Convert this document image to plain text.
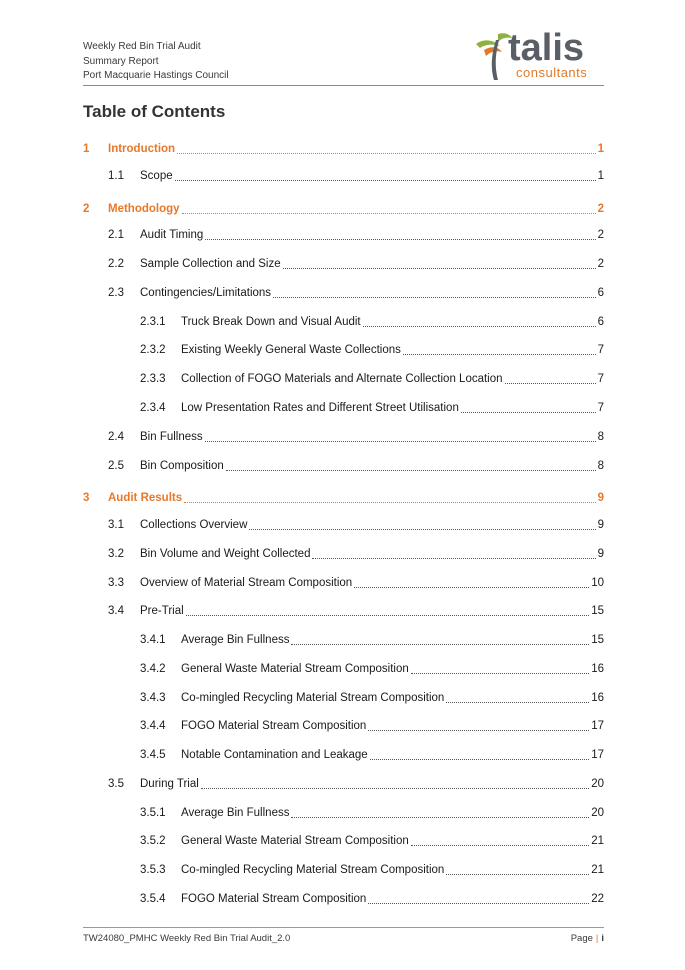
Weekly Red Bin Trial Audit
Summary Report
Port Macquarie Hastings Council
talis
consultants
Table of Contents
1	Introduction	1
1.1	Scope	1
2	Methodology	2
2.1	Audit Timing	2
2.2	Sample Collection and Size	2
2.3	Contingencies/Limitations	6
2.3.1	Truck Break Down and Visual Audit	6
2.3.2	Existing Weekly General Waste Collections	7
2.3.3	Collection of FOGO Materials and Alternate Collection Location	7
2.3.4	Low Presentation Rates and Different Street Utilisation	7
2.4	Bin Fullness	8
2.5	Bin Composition	8
3	Audit Results	9
3.1	Collections Overview	9
3.2	Bin Volume and Weight Collected	9
3.3	Overview of Material Stream Composition	10
3.4	Pre-Trial	15
3.4.1	Average Bin Fullness	15
3.4.2	General Waste Material Stream Composition	16
3.4.3	Co-mingled Recycling Material Stream Composition	16
3.4.4	FOGO Material Stream Composition	17
3.4.5	Notable Contamination and Leakage	17
3.5	During Trial	20
3.5.1	Average Bin Fullness	20
3.5.2	General Waste Material Stream Composition	21
3.5.3	Co-mingled Recycling Material Stream Composition	21
3.5.4	FOGO Material Stream Composition	22
TW24080_PMHC Weekly Red Bin Trial Audit_2.0	Page | i
